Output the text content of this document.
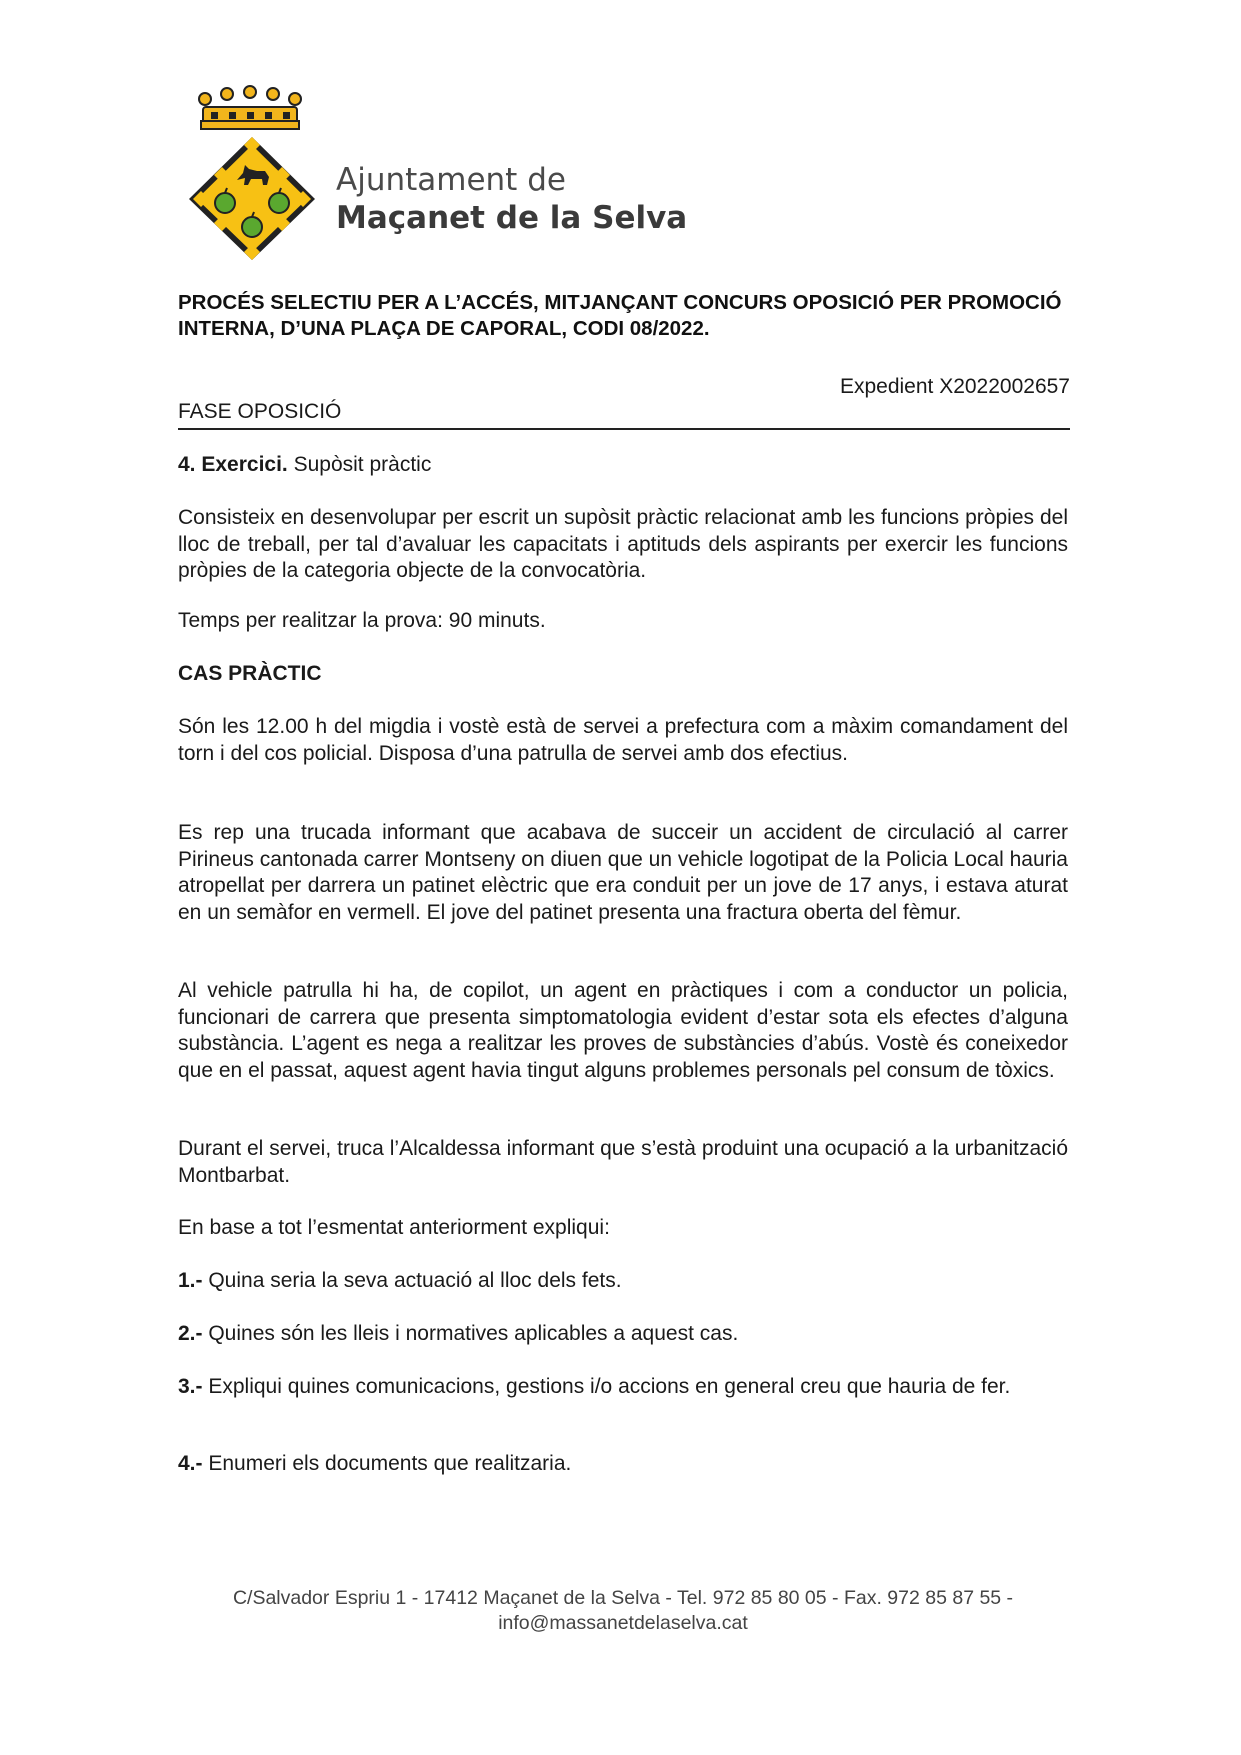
Ajuntament de
Maçanet de la Selva
PROCÉS SELECTIU PER A L’ACCÉS, MITJANÇANT CONCURS OPOSICIÓ PER PROMOCIÓ INTERNA, D’UNA PLAÇA DE CAPORAL, CODI 08/2022.
Expedient X2022002657
FASE OPOSICIÓ
4. Exercici. Supòsit pràctic
Consisteix en desenvolupar per escrit un supòsit pràctic relacionat amb les funcions pròpies del lloc de treball, per tal d’avaluar les capacitats i aptituds dels aspirants per exercir les funcions pròpies de la categoria objecte de la convocatòria.
Temps per realitzar la prova: 90 minuts.
CAS PRÀCTIC
Són les 12.00 h del migdia i vostè està de servei a prefectura com a màxim comandament del torn i del cos policial. Disposa d’una patrulla de servei amb dos efectius.
Es rep una trucada informant que acabava de succeir un accident de circulació al carrer Pirineus cantonada carrer Montseny on diuen que un vehicle logotipat de la Policia Local hauria atropellat per darrera un patinet elèctric que era conduit per un jove de 17 anys, i estava aturat en un semàfor en vermell. El jove del patinet presenta una fractura oberta del fèmur.
Al vehicle patrulla hi ha, de copilot, un agent en pràctiques i com a conductor un policia, funcionari de carrera que presenta simptomatologia evident d’estar sota els efectes d’alguna substància. L’agent es nega a realitzar les proves de substàncies d’abús. Vostè és coneixedor que en el passat, aquest agent havia tingut alguns problemes personals pel consum de tòxics.
Durant el servei, truca l’Alcaldessa informant que s’està produint una ocupació a la urbanització Montbarbat.
En base a tot l’esmentat anteriorment expliqui:
1.- Quina seria la seva actuació al lloc dels fets.
2.- Quines són les lleis i normatives aplicables a aquest cas.
3.- Expliqui quines comunicacions, gestions i/o accions en general creu que hauria de fer.
4.- Enumeri els documents que realitzaria.
C/Salvador Espriu 1 - 17412 Maçanet de la Selva - Tel. 972 85 80 05 - Fax. 972 85 87 55 -
info@massanetdelaselva.cat
